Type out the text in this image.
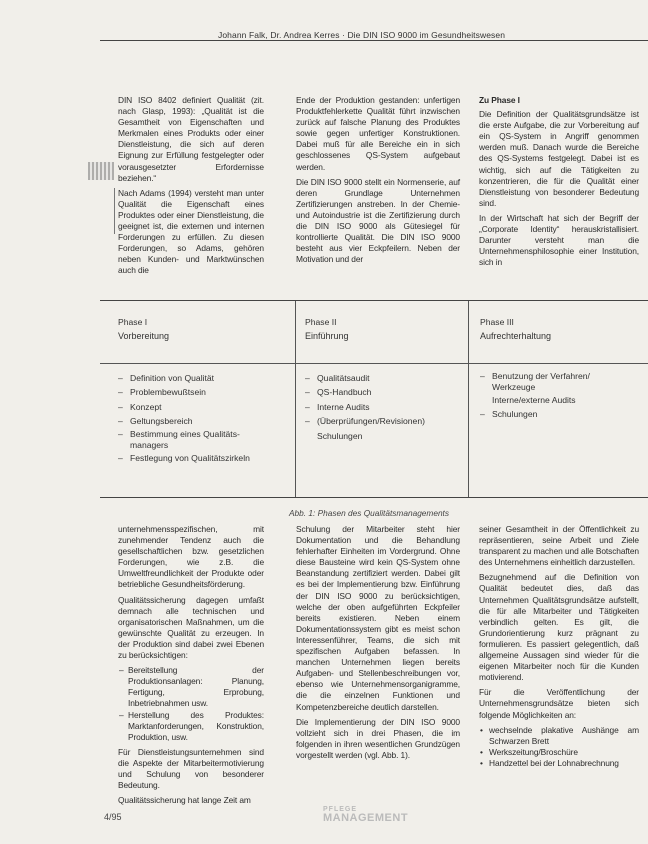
Johann Falk, Dr. Andrea Kerres · Die DIN ISO 9000 im Gesundheitswesen

DIN ISO 8402 definiert Qualität (zit. nach Glasp, 1993): „Qualität ist die Gesamtheit von Eigenschaften und Merkmalen eines Produkts oder einer Dienstleistung, die sich auf deren Eignung zur Erfüllung festgelegter oder vorausgesetzter Erfordernisse beziehen.“

Nach Adams (1994) versteht man unter Qualität die Eigenschaft eines Produktes oder einer Dienstleistung, die geeignet ist, die externen und internen Forderungen zu erfüllen. Zu diesen Forderungen, so Adams, gehören neben Kunden- und Marktwünschen auch die

Ende der Produktion gestanden: unfertigen Produktfehlerkette Qualität führt inzwischen zurück auf falsche Planung des Produktes sowie gegen unfertiger Konstruktionen. Dabei muß für alle Bereiche ein in sich geschlossenes QS-System aufgebaut werden.

Die DIN ISO 9000 stellt ein Normenserie, auf deren Grundlage Unternehmen Zertifizierungen anstreben. In der Chemie- und Autoindustrie ist die Zertifizierung durch die DIN ISO 9000 als Gütesiegel für kontrollierte Qualität. Die DIN ISO 9000 besteht aus vier Eckpfeilern. Neben der Motivation und der

Zu Phase I

Die Definition der Qualitätsgrundsätze ist die erste Aufgabe, die zur Vorbereitung auf ein QS-System in Angriff genommen werden muß. Danach wurde die Bereiche des QS-Systems festgelegt. Dabei ist es wichtig, sich auf die Tätigkeiten zu konzentrieren, die für die Qualität einer Dienstleistung von besonderer Bedeutung sind.

In der Wirtschaft hat sich der Begriff der „Corporate Identity“ herauskristallisiert. Darunter versteht man die Unternehmensphilosophie einer Institution, sich in

Phase I
Vorbereitung
Phase II
Einführung
Phase III
Aufrechterhaltung
– Definition von Qualität
– Problembewußtsein
– Konzept
– Geltungsbereich
– Bestimmung eines Qualitäts-
managers
– Festlegung von Qualitätszirkeln
– Qualitätsaudit
– QS-Handbuch
– Interne Audits
– (Überprüfungen/Revisionen)
Schulungen
– Benutzung der Verfahren/
Werkzeuge
Interne/externe Audits
– Schulungen
Abb. 1: Phasen des Qualitätsmanagements

unternehmensspezifischen, mit zunehmender Tendenz auch die gesellschaftlichen bzw. gesetzlichen Forderungen, wie z.B. die Umweltfreundlichkeit der Produkte oder betriebliche Gesundheitsförderung.

Qualitätssicherung dagegen umfaßt demnach alle technischen und organisatorischen Maßnahmen, um die gewünschte Qualität zu erzeugen. In der Produktion sind dabei zwei Ebenen zu berücksichtigen:

– Bereitstellung der Produktionsanlagen: Planung, Fertigung, Erprobung, Inbetriebnahmen usw.
– Herstellung des Produktes: Marktanforderungen, Konstruktion, Produktion, usw.

Für Dienstleistungsunternehmen sind die Aspekte der Mitarbeitermotivierung und Schulung von besonderer Bedeutung.

Qualitätssicherung hat lange Zeit am

Schulung der Mitarbeiter steht hier Dokumentation und die Behandlung fehlerhafter Einheiten im Vordergrund. Ohne diese Bausteine wird kein QS-System ohne Beanstandung zertifiziert werden. Dabei gilt es bei der Implementierung bzw. Einführung der DIN ISO 9000 zu berücksichtigen, welche der oben aufgeführten Eckpfeiler bereits existieren. Neben einem Dokumentationssystem gibt es meist schon Interessenführer, Teams, die sich mit spezifischen Aufgaben befassen. In manchen Unternehmen liegen bereits Aufgaben- und Stellenbeschreibungen vor, ebenso wie Unternehmensorganigramme, die die einzelnen Funktionen und Kompetenzbereiche deutlich darstellen.

Die Implementierung der DIN ISO 9000 vollzieht sich in drei Phasen, die im folgenden in ihren wesentlichen Grundzügen vorgestellt werden (vgl. Abb. 1).

seiner Gesamtheit in der Öffentlichkeit zu repräsentieren, seine Arbeit und Ziele transparent zu machen und alle Botschaften des Unternehmens einheitlich darzustellen.

Bezugnehmend auf die Definition von Qualität bedeutet dies, daß das Unternehmen Qualitätsgrundsätze aufstellt, die für alle Mitarbeiter und Tätigkeiten verbindlich gelten. Es gilt, die Grundorientierung kurz prägnant zu formulieren. Es passiert gelegentlich, daß allgemeine Aussagen sind wieder für die eigenen Mitarbeiter noch für die Kunden motivierend.

Für die Veröffentlichung der Unternehmensgrundsätze bieten sich folgende Möglichkeiten an:

• wechselnde plakative Aushänge am Schwarzen Brett
• Werkszeitung/Broschüre
• Handzettel bei der Lohnabrechnung
4/95
PFLEGE
MANAGEMENT
